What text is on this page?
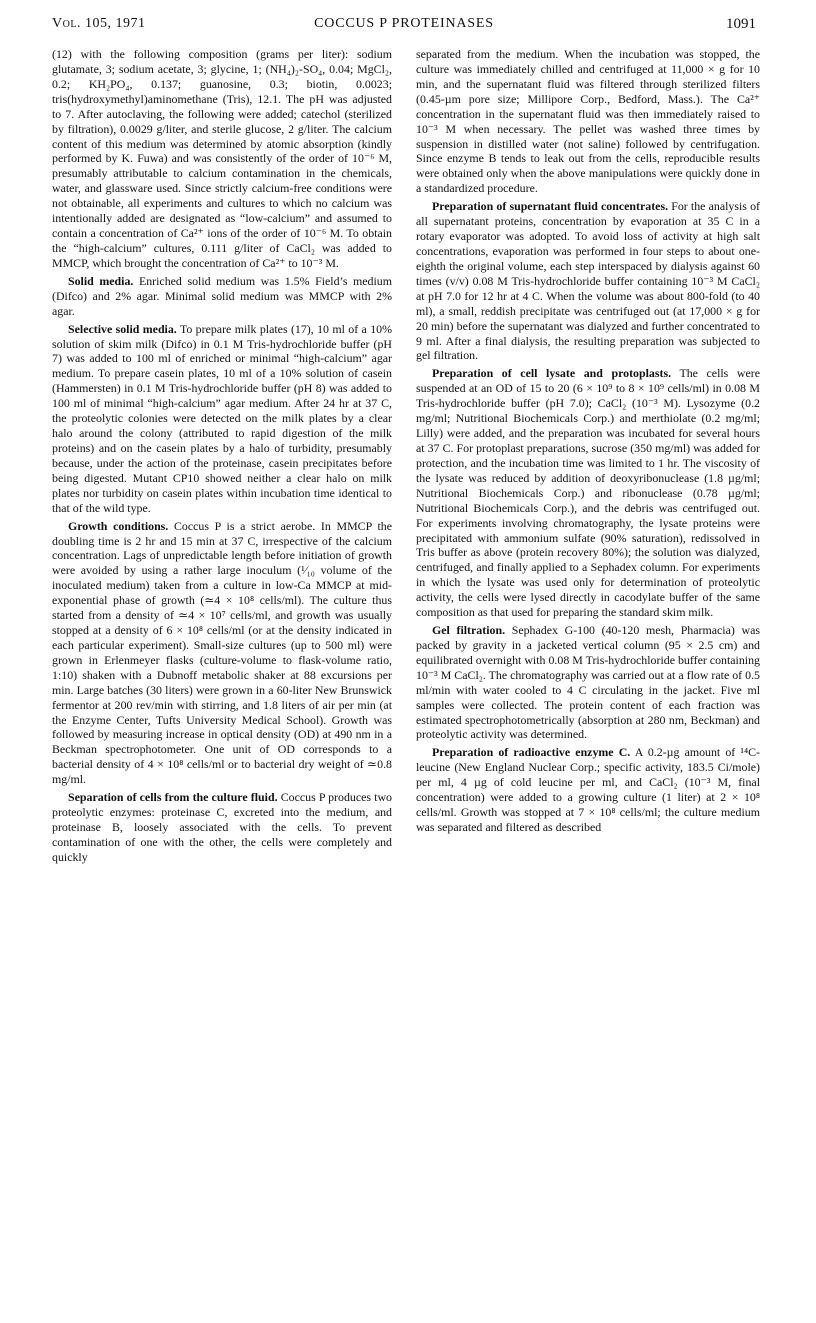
Vol. 105, 1971	COCCUS P PROTEINASES	1091

(12) with the following composition (grams per liter): sodium glutamate, 3; sodium acetate, 3; glycine, 1; (NH₄)₂-SO₄, 0.04; MgCl₂, 0.2; KH₂PO₄, 0.137; guanosine, 0.3; biotin, 0.0023; tris(hydroxymethyl)aminomethane (Tris), 12.1. The pH was adjusted to 7. After autoclaving, the following were added; catechol (sterilized by filtration), 0.0029 g/liter, and sterile glucose, 2 g/liter. The calcium content of this medium was determined by atomic absorption (kindly performed by K. Fuwa) and was consistently of the order of 10⁻⁶ M, presumably attributable to calcium contamination in the chemicals, water, and glassware used. Since strictly calcium-free conditions were not obtainable, all experiments and cultures to which no calcium was intentionally added are designated as “low-calcium” and assumed to contain a concentration of Ca²⁺ ions of the order of 10⁻⁶ M. To obtain the “high-calcium” cultures, 0.111 g/liter of CaCl₂ was added to MMCP, which brought the concentration of Ca²⁺ to 10⁻³ M.

Solid media. Enriched solid medium was 1.5% Field’s medium (Difco) and 2% agar. Minimal solid medium was MMCP with 2% agar.

Selective solid media. To prepare milk plates (17), 10 ml of a 10% solution of skim milk (Difco) in 0.1 M Tris-hydrochloride buffer (pH 7) was added to 100 ml of enriched or minimal “high-calcium” agar medium. To prepare casein plates, 10 ml of a 10% solution of casein (Hammersten) in 0.1 M Tris-hydrochloride buffer (pH 8) was added to 100 ml of minimal “high-calcium” agar medium. After 24 hr at 37 C, the proteolytic colonies were detected on the milk plates by a clear halo around the colony (attributed to rapid digestion of the milk proteins) and on the casein plates by a halo of turbidity, presumably because, under the action of the proteinase, casein precipitates before being digested. Mutant CP10 showed neither a clear halo on milk plates nor turbidity on casein plates within incubation time identical to that of the wild type.

Growth conditions. Coccus P is a strict aerobe. In MMCP the doubling time is 2 hr and 15 min at 37 C, irrespective of the calcium concentration. Lags of unpredictable length before initiation of growth were avoided by using a rather large inoculum (¹⁄₁₀ volume of the inoculated medium) taken from a culture in low-Ca MMCP at mid-exponential phase of growth (≃4 × 10⁸ cells/ml). The culture thus started from a density of ≃4 × 10⁷ cells/ml, and growth was usually stopped at a density of 6 × 10⁸ cells/ml (or at the density indicated in each particular experiment). Small-size cultures (up to 500 ml) were grown in Erlenmeyer flasks (culture-volume to flask-volume ratio, 1:10) shaken with a Dubnoff metabolic shaker at 88 excursions per min. Large batches (30 liters) were grown in a 60-liter New Brunswick fermentor at 200 rev/min with stirring, and 1.8 liters of air per min (at the Enzyme Center, Tufts University Medical School). Growth was followed by measuring increase in optical density (OD) at 490 nm in a Beckman spectrophotometer. One unit of OD corresponds to a bacterial density of 4 × 10⁸ cells/ml or to bacterial dry weight of ≃0.8 mg/ml.

Separation of cells from the culture fluid. Coccus P produces two proteolytic enzymes: proteinase C, excreted into the medium, and proteinase B, loosely associated with the cells. To prevent contamination of one with the other, the cells were completely and quickly

separated from the medium. When the incubation was stopped, the culture was immediately chilled and centrifuged at 11,000 × g for 10 min, and the supernatant fluid was filtered through sterilized filters (0.45-µm pore size; Millipore Corp., Bedford, Mass.). The Ca²⁺ concentration in the supernatant fluid was then immediately raised to 10⁻³ M when necessary. The pellet was washed three times by suspension in distilled water (not saline) followed by centrifugation. Since enzyme B tends to leak out from the cells, reproducible results were obtained only when the above manipulations were quickly done in a standardized procedure.

Preparation of supernatant fluid concentrates. For the analysis of all supernatant proteins, concentration by evaporation at 35 C in a rotary evaporator was adopted. To avoid loss of activity at high salt concentrations, evaporation was performed in four steps to about one-eighth the original volume, each step interspaced by dialysis against 60 times (v/v) 0.08 M Tris-hydrochloride buffer containing 10⁻³ M CaCl₂ at pH 7.0 for 12 hr at 4 C. When the volume was about 800-fold (to 40 ml), a small, reddish precipitate was centrifuged out (at 17,000 × g for 20 min) before the supernatant was dialyzed and further concentrated to 9 ml. After a final dialysis, the resulting preparation was subjected to gel filtration.

Preparation of cell lysate and protoplasts. The cells were suspended at an OD of 15 to 20 (6 × 10⁹ to 8 × 10⁹ cells/ml) in 0.08 M Tris-hydrochloride buffer (pH 7.0); CaCl₂ (10⁻³ M). Lysozyme (0.2 mg/ml; Nutritional Biochemicals Corp.) and merthiolate (0.2 mg/ml; Lilly) were added, and the preparation was incubated for several hours at 37 C. For protoplast preparations, sucrose (350 mg/ml) was added for protection, and the incubation time was limited to 1 hr. The viscosity of the lysate was reduced by addition of deoxyribonuclease (1.8 µg/ml; Nutritional Biochemicals Corp.) and ribonuclease (0.78 µg/ml; Nutritional Biochemicals Corp.), and the debris was centrifuged out. For experiments involving chromatography, the lysate proteins were precipitated with ammonium sulfate (90% saturation), redissolved in Tris buffer as above (protein recovery 80%); the solution was dialyzed, centrifuged, and finally applied to a Sephadex column. For experiments in which the lysate was used only for determination of proteolytic activity, the cells were lysed directly in cacodylate buffer of the same composition as that used for preparing the standard skim milk.

Gel filtration. Sephadex G-100 (40-120 mesh, Pharmacia) was packed by gravity in a jacketed vertical column (95 × 2.5 cm) and equilibrated overnight with 0.08 M Tris-hydrochloride buffer containing 10⁻³ M CaCl₂. The chromatography was carried out at a flow rate of 0.5 ml/min with water cooled to 4 C circulating in the jacket. Five ml samples were collected. The protein content of each fraction was estimated spectrophotometrically (absorption at 280 nm, Beckman) and proteolytic activity was determined.

Preparation of radioactive enzyme C. A 0.2-µg amount of ¹⁴C-leucine (New England Nuclear Corp.; specific activity, 183.5 Ci/mole) per ml, 4 µg of cold leucine per ml, and CaCl₂ (10⁻³ M, final concentration) were added to a growing culture (1 liter) at 2 × 10⁸ cells/ml. Growth was stopped at 7 × 10⁸ cells/ml; the culture medium was separated and filtered as described
